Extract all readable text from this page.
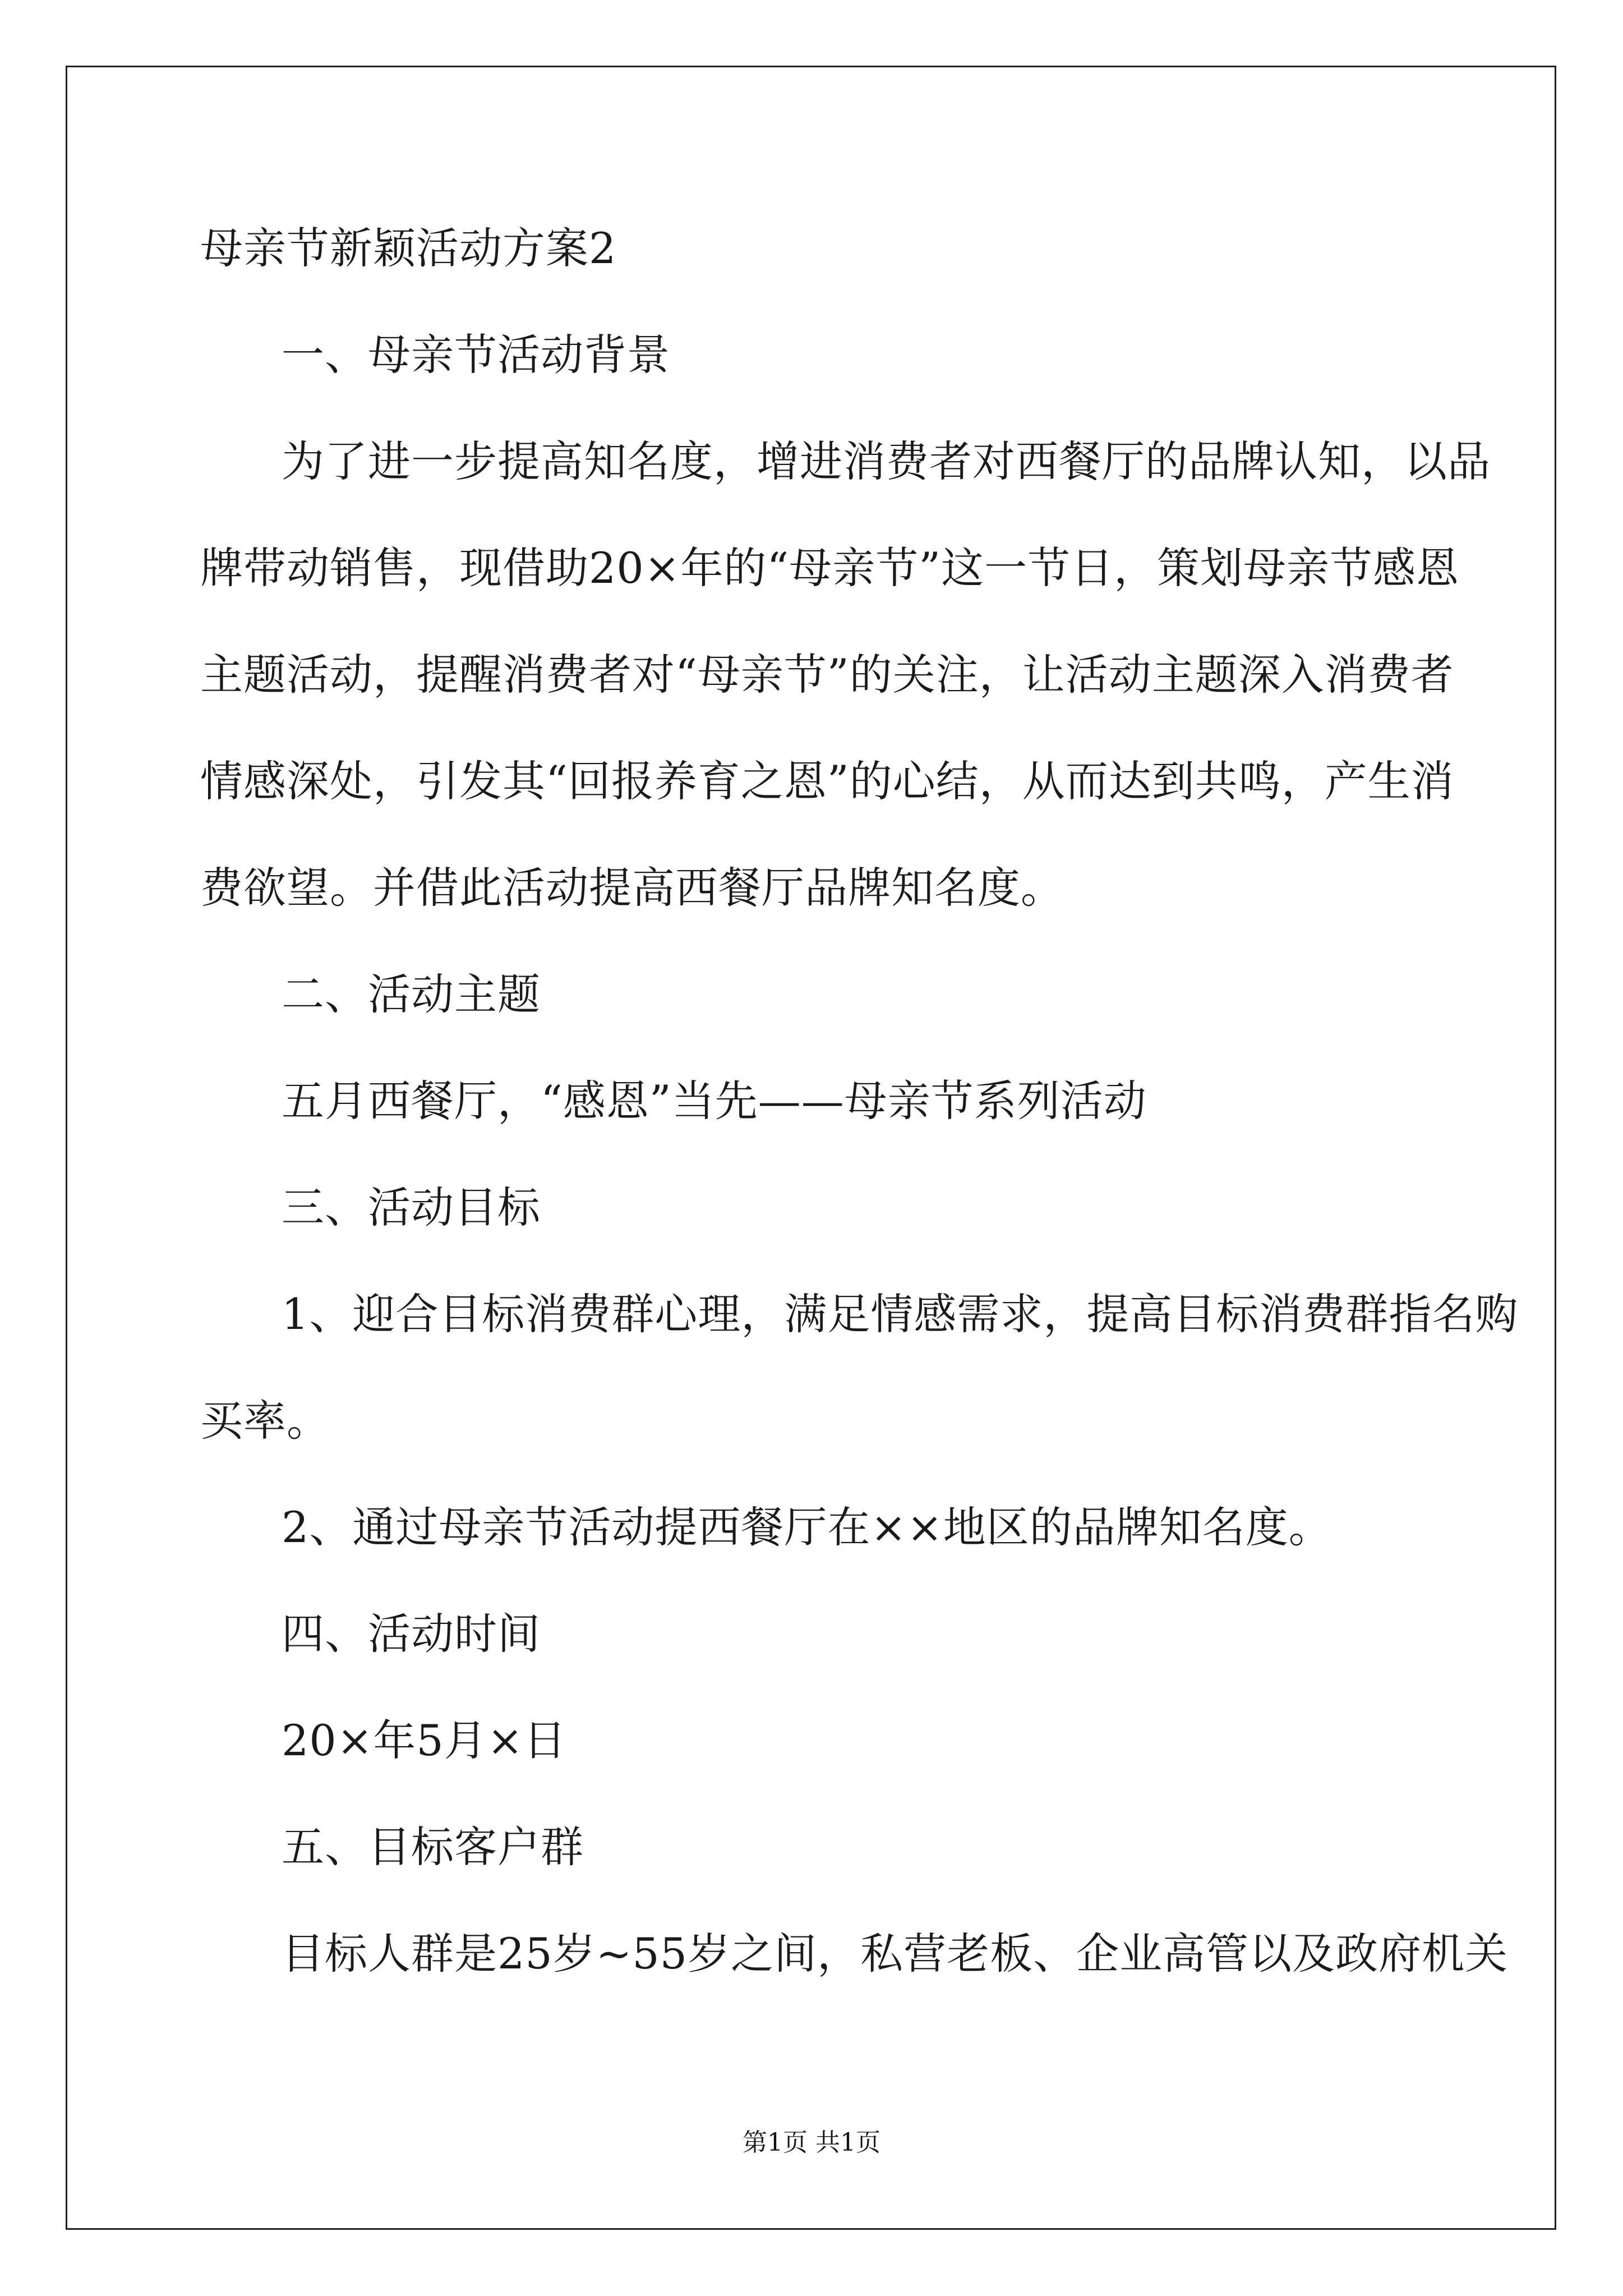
母亲节新颖活动方案2
一、母亲节活动背景
为了进一步提高知名度，增进消费者对西餐厅的品牌认知，以品
牌带动销售，现借助20×年的“母亲节”这一节日，策划母亲节感恩
主题活动，提醒消费者对“母亲节”的关注，让活动主题深入消费者
情感深处，引发其“回报养育之恩”的心结，从而达到共鸣，产生消
费欲望。并借此活动提高西餐厅品牌知名度。
二、活动主题
五月西餐厅，“感恩”当先——母亲节系列活动
三、活动目标
1、迎合目标消费群心理，满足情感需求，提高目标消费群指名购
买率。
2、通过母亲节活动提西餐厅在××地区的品牌知名度。
四、活动时间
20×年5月×日
五、目标客户群
目标人群是25岁~55岁之间，私营老板、企业高管以及政府机关
第1页 共1页
